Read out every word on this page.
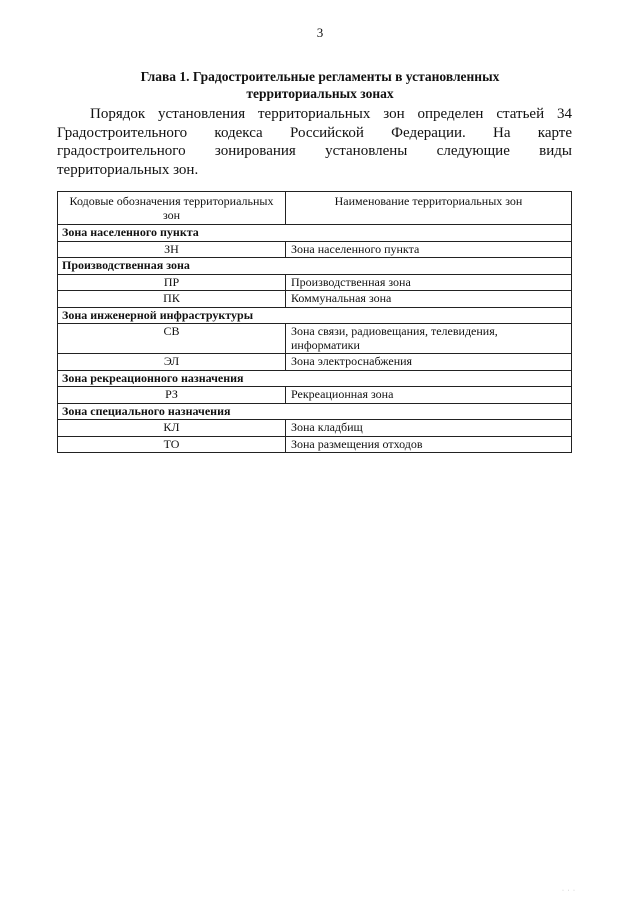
3
Глава 1. Градостроительные регламенты в установленных территориальных зонах
Порядок установления территориальных зон определен статьей 34 Градостроительного кодекса Российской Федерации. На карте градостроительного зонирования установлены следующие виды территориальных зон.
Кодовые обозначения территориальных зон	Наименование территориальных зон
Зона населенного пункта	
ЗН	Зона населенного пункта
Производственная зона	
ПР	Производственная зона
ПК	Коммунальная зона
Зона инженерной инфраструктуры	
СВ	Зона связи, радиовещания, телевидения, информатики
ЭЛ	Зона электроснабжения
Зона рекреационного назначения	
РЗ	Рекреационная зона
Зона специального назначения	
КЛ	Зона кладбищ
ТО	Зона размещения отходов
· · ·
